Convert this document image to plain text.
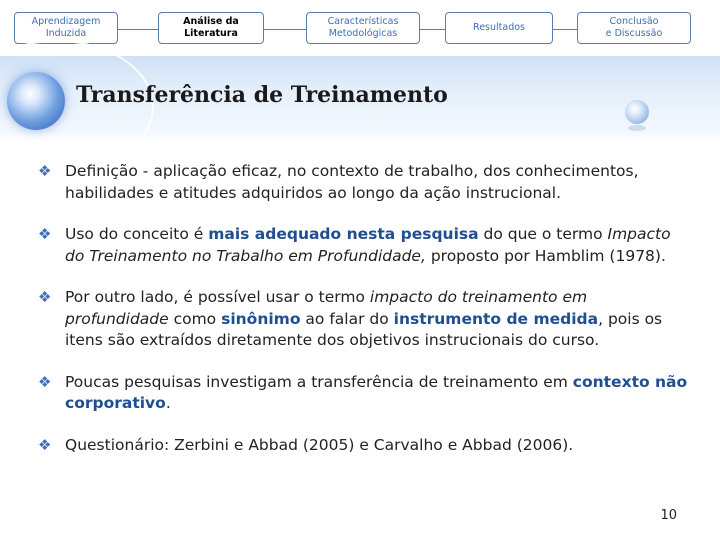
Aprendizagem
Induzida
Análise da
Literatura
Características
Metodológicas
Resultados
Conclusão
e Discussão
Transferência de Treinamento
❖ Definição - aplicação eficaz, no contexto de trabalho, dos conhecimentos, habilidades e atitudes adquiridos ao longo da ação instrucional.
❖ Uso do conceito é mais adequado nesta pesquisa do que o termo Impacto do Treinamento no Trabalho em Profundidade, proposto por Hamblim (1978).
❖ Por outro lado, é possível usar o termo impacto do treinamento em profundidade como sinônimo ao falar do instrumento de medida, pois os itens são extraídos diretamente dos objetivos instrucionais do curso.
❖ Poucas pesquisas investigam a transferência de treinamento em contexto não corporativo.
❖ Questionário: Zerbini e Abbad (2005) e Carvalho e Abbad (2006).
10
